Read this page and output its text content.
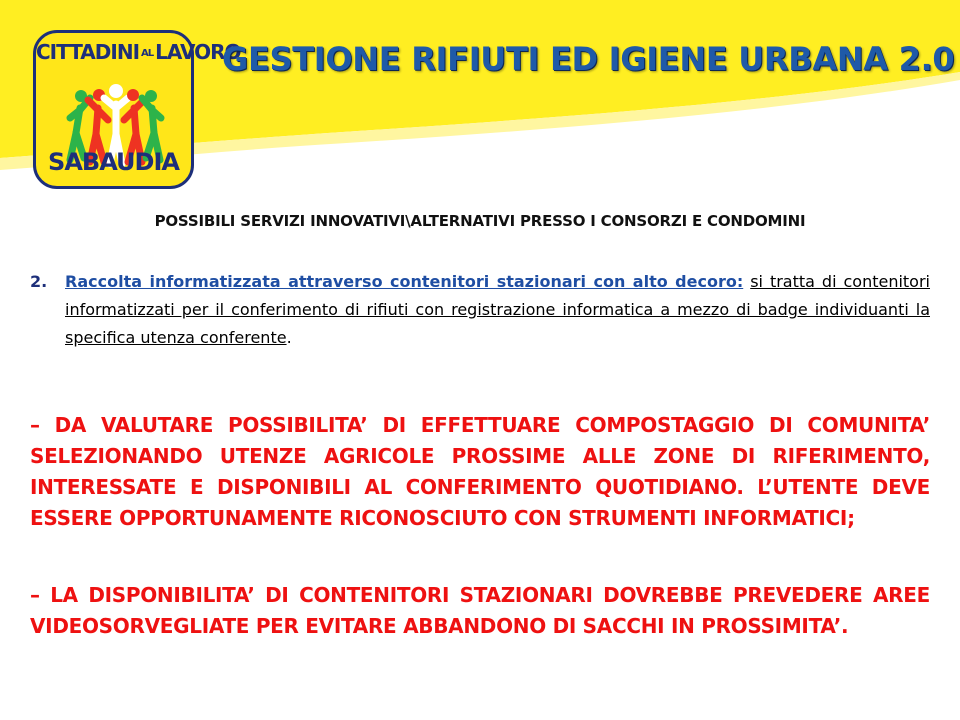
CITTADINI AL LAVORO
SABAUDIA
GESTIONE RIFIUTI ED IGIENE URBANA 2.0
POSSIBILI SERVIZI INNOVATIVI\ALTERNATIVI PRESSO I CONSORZI E CONDOMINI
2. Raccolta informatizzata attraverso contenitori stazionari con alto decoro: si tratta di contenitori informatizzati per il conferimento di rifiuti con registrazione informatica a mezzo di badge individuanti la specifica utenza conferente.
– DA VALUTARE POSSIBILITA’ DI EFFETTUARE COMPOSTAGGIO DI COMUNITA’ SELEZIONANDO UTENZE AGRICOLE PROSSIME ALLE ZONE DI RIFERIMENTO, INTERESSATE E DISPONIBILI AL CONFERIMENTO QUOTIDIANO. L’UTENTE DEVE ESSERE OPPORTUNAMENTE RICONOSCIUTO CON STRUMENTI INFORMATICI;
– LA DISPONIBILITA’ DI CONTENITORI STAZIONARI DOVREBBE PREVEDERE AREE VIDEOSORVEGLIATE PER EVITARE ABBANDONO DI SACCHI IN PROSSIMITA’.
